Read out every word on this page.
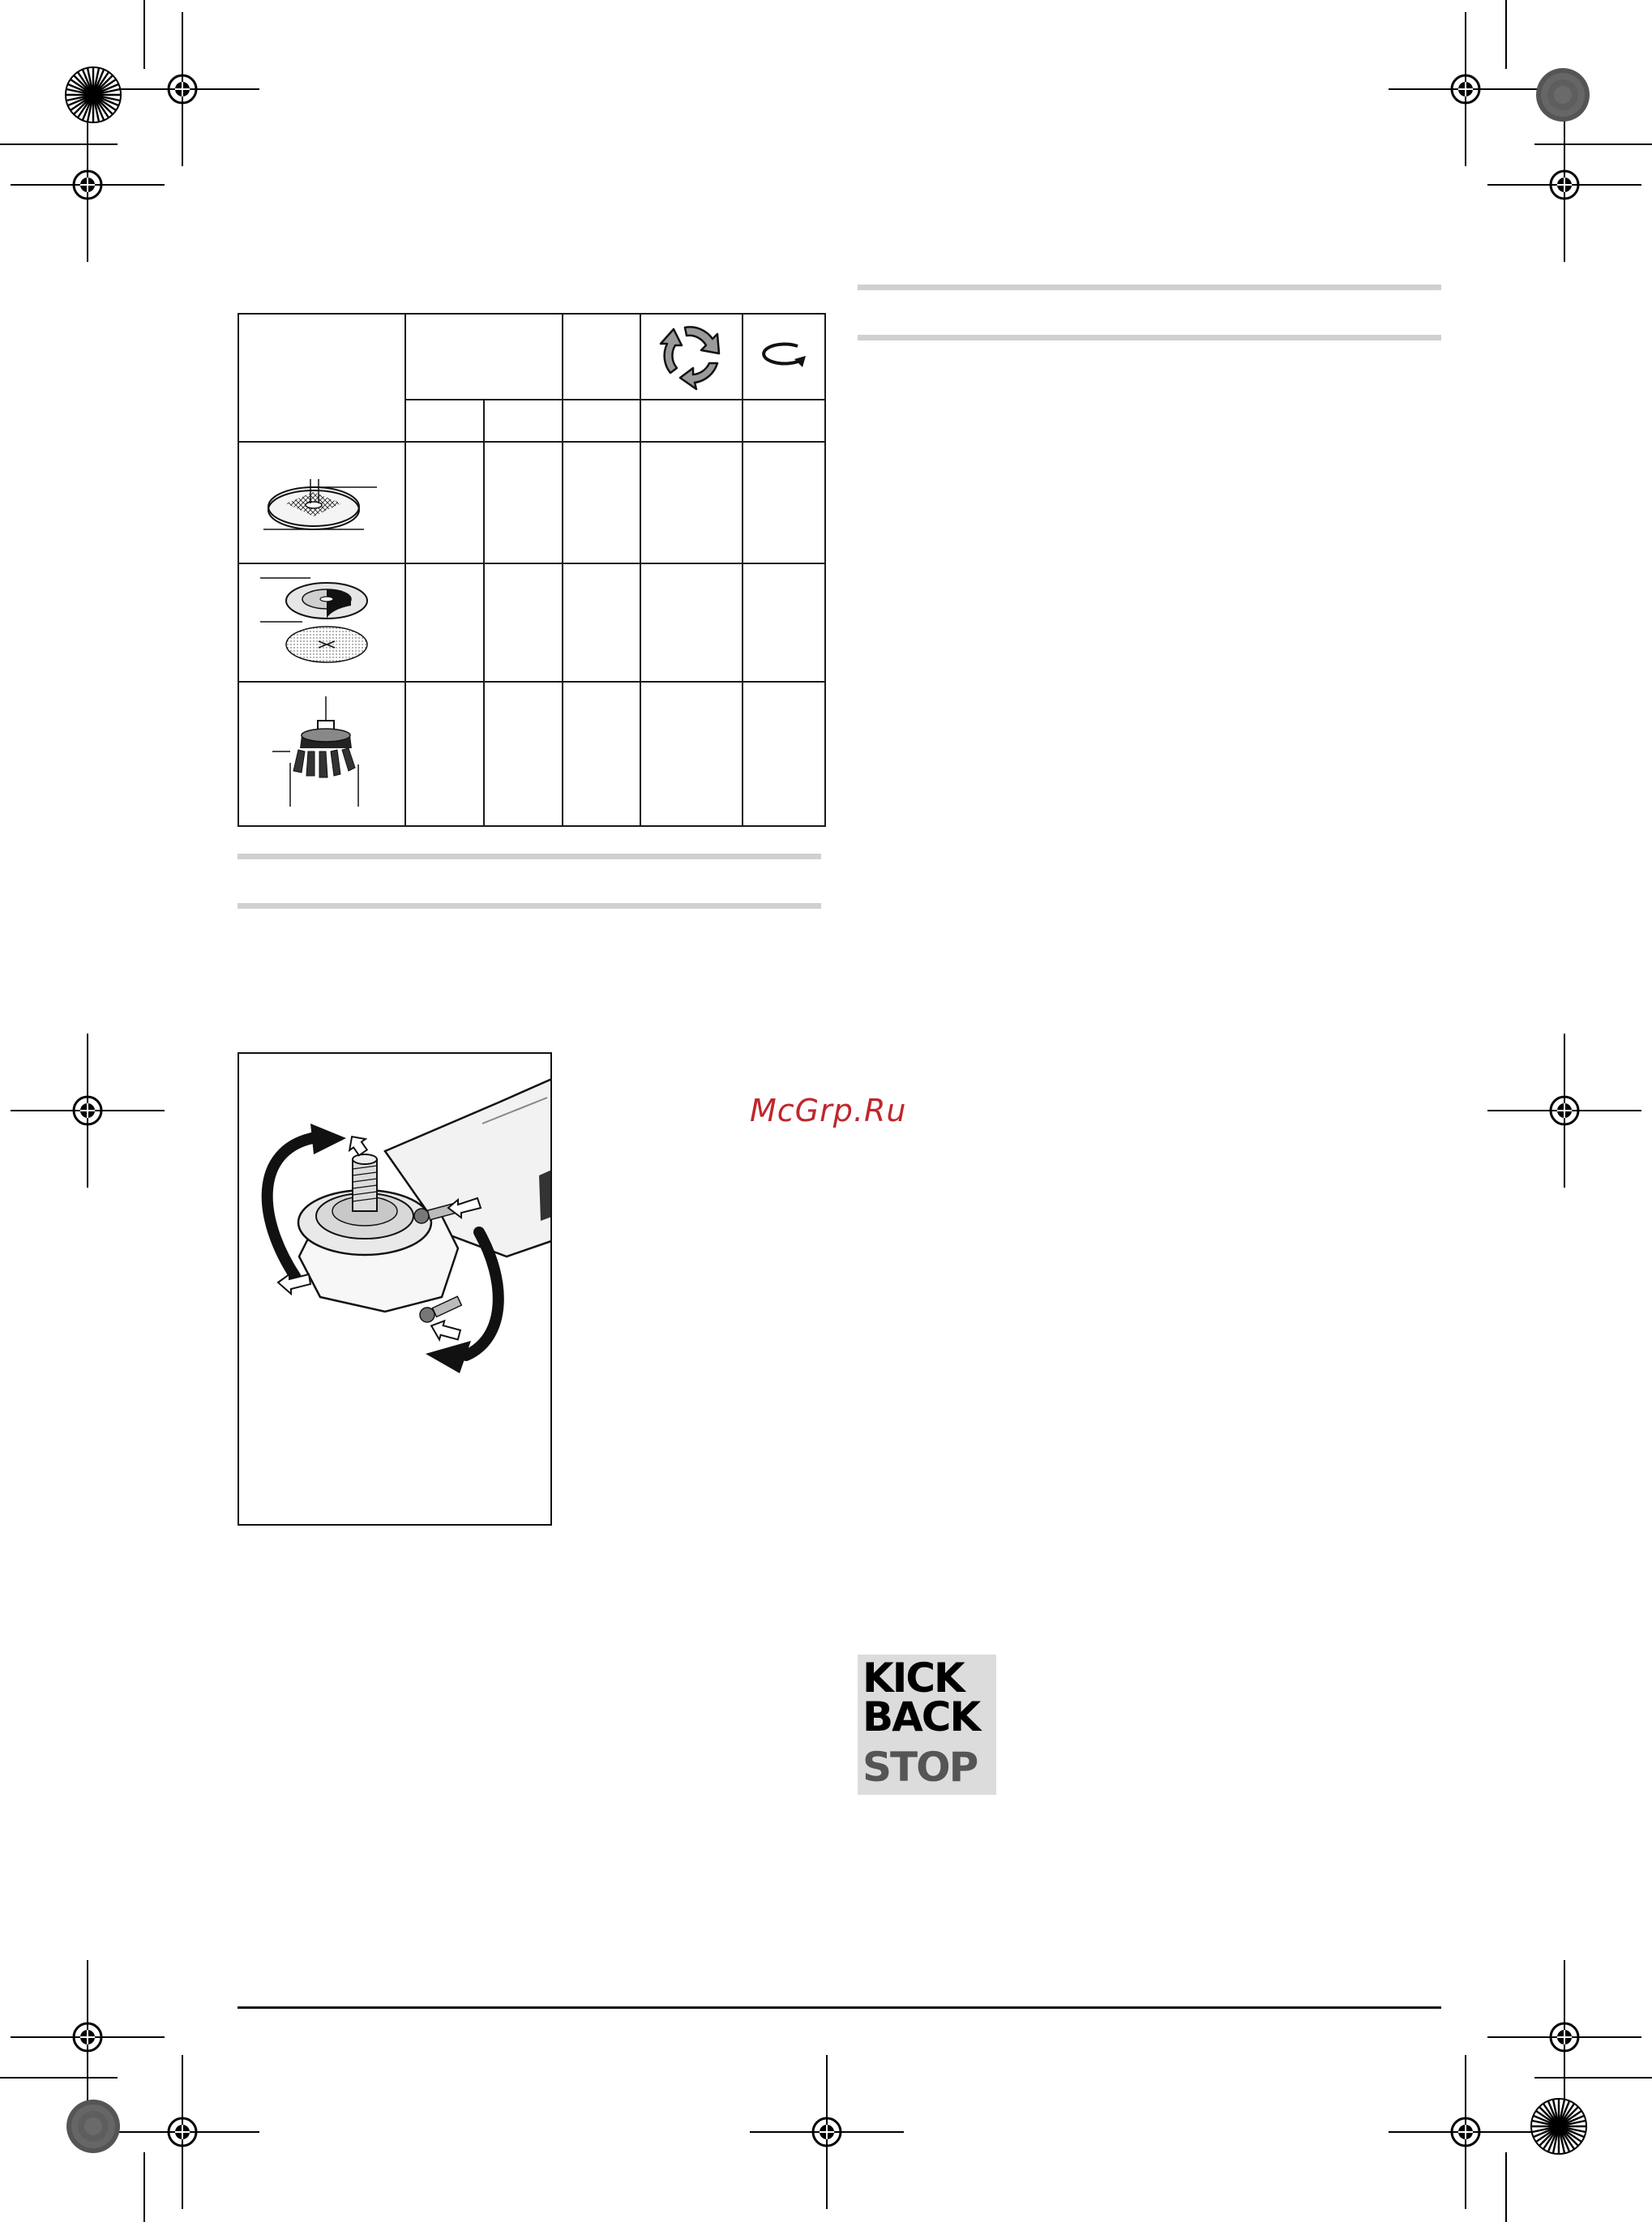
McGrp.Ru
KICK
BACK
STOP
